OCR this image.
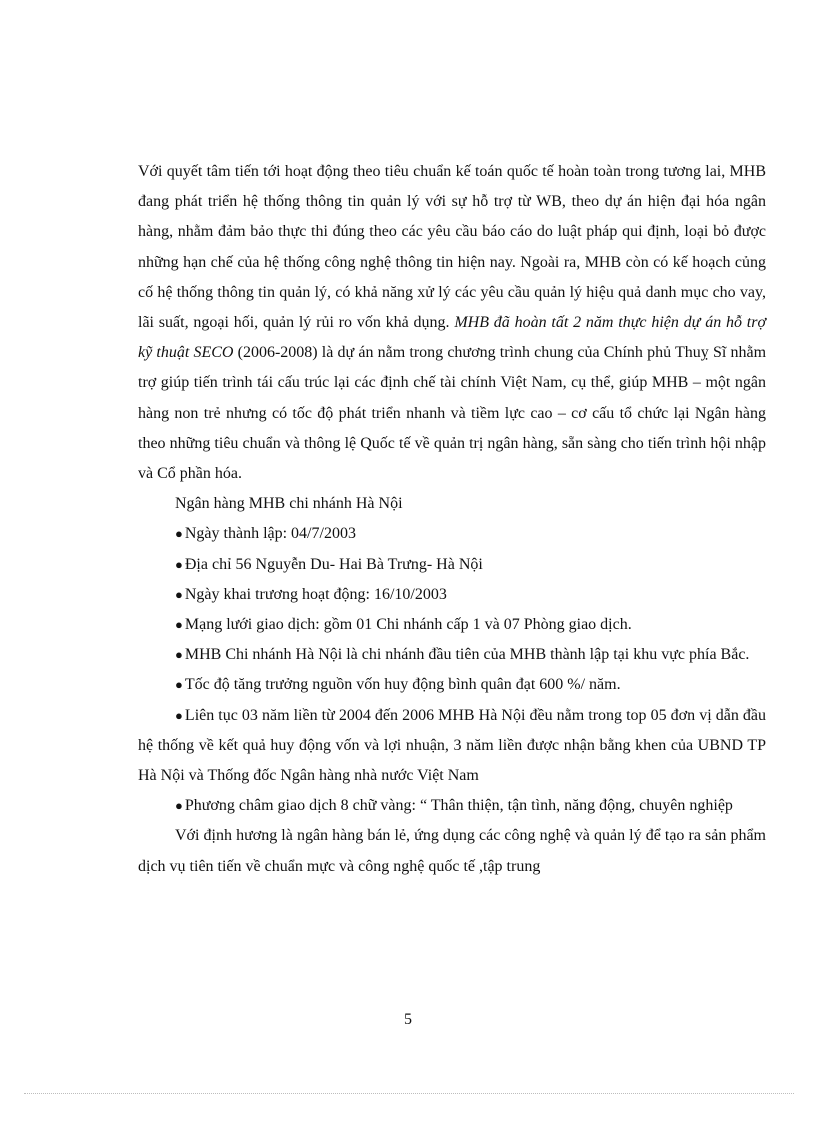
Với quyết tâm tiến tới hoạt động theo tiêu chuẩn kế toán quốc tế hoàn toàn trong tương lai, MHB đang phát triển hệ thống thông tin quản lý với sự hỗ trợ từ WB, theo dự án hiện đại hóa ngân hàng, nhằm đảm bảo thực thi đúng theo các yêu cầu báo cáo do luật pháp qui định, loại bỏ được những hạn chế của hệ thống công nghệ thông tin hiện nay. Ngoài ra, MHB còn có kế hoạch củng cố hệ thống thông tin quản lý, có khả năng xử lý các yêu cầu quản lý hiệu quả danh mục cho vay, lãi suất, ngoại hối, quản lý rủi ro vốn khả dụng. MHB đã hoàn tất 2 năm thực hiện dự án hỗ trợ kỹ thuật SECO (2006-2008) là dự án nằm trong chương trình chung của Chính phủ Thuỵ Sĩ nhằm trợ giúp tiến trình tái cấu trúc lại các định chế tài chính Việt Nam, cụ thể, giúp MHB – một ngân hàng non trẻ nhưng có tốc độ phát triển nhanh và tiềm lực cao – cơ cấu tổ chức lại Ngân hàng theo những tiêu chuẩn và thông lệ Quốc tế về quản trị ngân hàng, sẵn sàng cho tiến trình hội nhập và Cổ phần hóa.

Ngân hàng MHB chi nhánh Hà Nội

● Ngày thành lập: 04/7/2003

● Địa chỉ 56 Nguyễn Du- Hai Bà Trưng- Hà Nội

● Ngày khai trương hoạt động: 16/10/2003

● Mạng lưới giao dịch: gồm 01 Chi nhánh cấp 1 và 07 Phòng giao dịch.

● MHB Chi nhánh Hà Nội là chi nhánh đầu tiên của MHB thành lập tại khu vực phía Bắc.

● Tốc độ tăng trưởng nguồn vốn huy động bình quân đạt 600 %/ năm.

● Liên tục 03 năm liền từ 2004 đến 2006 MHB Hà Nội đều nằm trong top 05 đơn vị dẫn đầu hệ thống về kết quả huy động vốn và lợi nhuận, 3 năm liền được nhận bằng khen của UBND TP Hà Nội và Thống đốc Ngân hàng nhà nước Việt Nam

● Phương châm giao dịch 8 chữ vàng: “ Thân thiện, tận tình, năng động, chuyên nghiệp

Với định hương là ngân hàng bán lẻ, ứng dụng các công nghệ và quản lý để tạo ra sản phẩm dịch vụ tiên tiến về chuẩn mực và công nghệ quốc tế ,tập trung

5
